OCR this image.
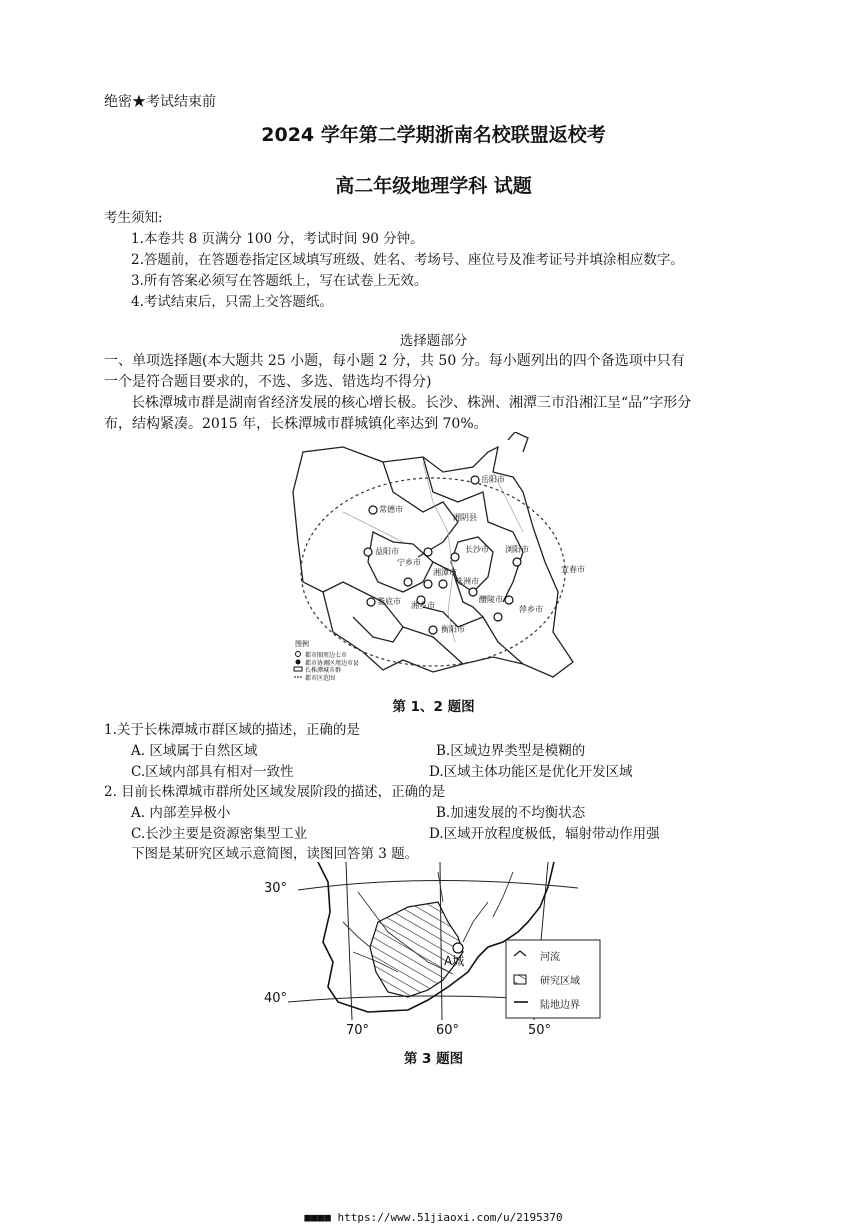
绝密★考试结束前
2024 学年第二学期浙南名校联盟返校考
高二年级地理学科 试题
考生须知:
1.本卷共 8 页满分 100 分，考试时间 90 分钟。
2.答题前，在答题卷指定区域填写班级、姓名、考场号、座位号及准考证号并填涂相应数字。
3.所有答案必须写在答题纸上，写在试卷上无效。
4.考试结束后，只需上交答题纸。
选择题部分
一、单项选择题(本大题共 25 小题，每小题 2 分，共 50 分。每小题列出的四个备选项中只有
一个是符合题目要求的，不选、多选、错选均不得分)
长株潭城市群是湖南省经济发展的核心增长极。长沙、株洲、湘潭三市沿湘江呈“品”字形分
布，结构紧凑。2015 年，长株潭城市群城镇化率达到 70%。
岳阳市
常德市
湘阴县
益阳市	长沙市 浏阳市
宁乡市
湘潭市
株洲市
宜春市
娄底市 湘乡市
醴陵市
萍乡市
衡阳市
图例
都市圈周边七市
都市协调区周边市县
长株潭城市群
都市区范围
第 1、2 题图
1.关于长株潭城市群区域的描述，正确的是
A. 区域属于自然区域	B.区域边界类型是模糊的
C.区域内部具有相对一致性	D.区域主体功能区是优化开发区域
2. 目前长株潭城市群所处区域发展阶段的描述，正确的是
A. 内部差异极小	B.加速发展的不均衡状态
C.长沙主要是资源密集型工业	D.区域开放程度极低，辐射带动作用强
下图是某研究区域示意简图，读图回答第 3 题。
A城
30°
40°
70°	60°	50°
河流
研究区域
陆地边界
第 3 题图
■■■■ https://www.51jiaoxi.com/u/2195370
